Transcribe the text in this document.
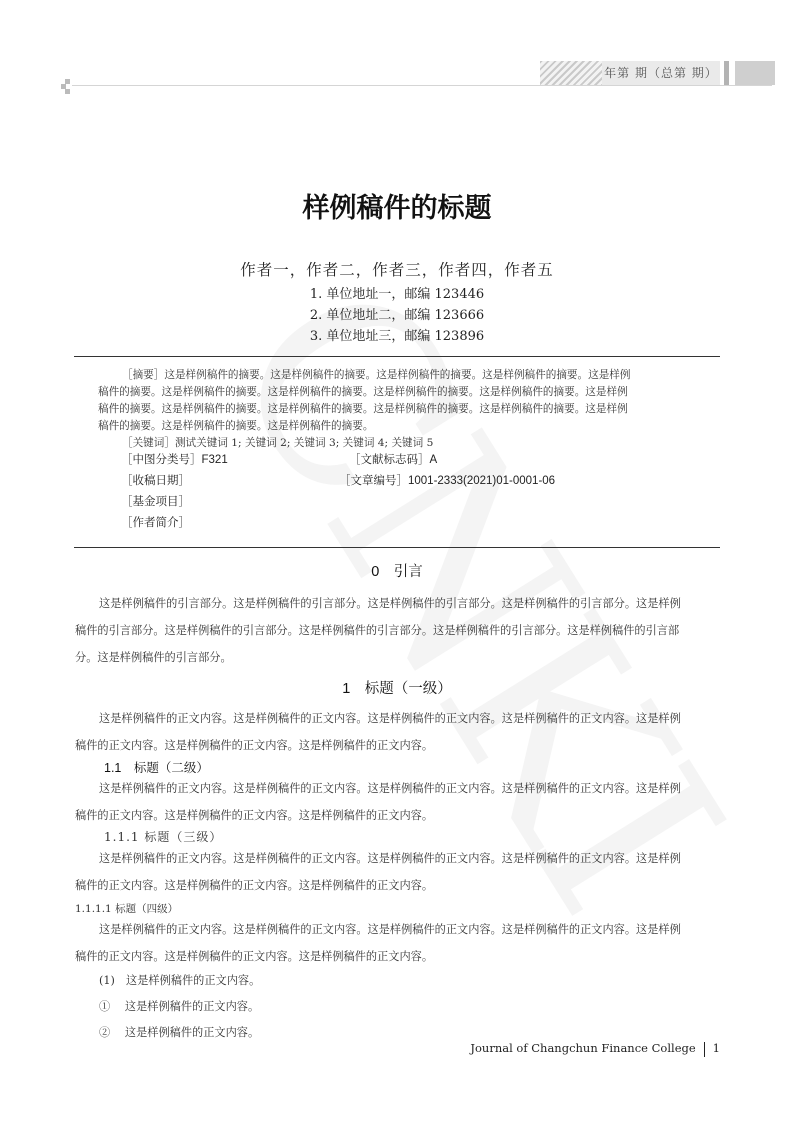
年第 期（总第 期）
样例稿件的标题
作者一，作者二，作者三，作者四，作者五
1. 单位地址一，邮编 123446
2. 单位地址二，邮编 123666
3. 单位地址三，邮编 123896
［摘要］这是样例稿件的摘要。这是样例稿件的摘要。这是样例稿件的摘要。这是样例稿件的摘要。这是样例
稿件的摘要。这是样例稿件的摘要。这是样例稿件的摘要。这是样例稿件的摘要。这是样例稿件的摘要。这是样例
稿件的摘要。这是样例稿件的摘要。这是样例稿件的摘要。这是样例稿件的摘要。这是样例稿件的摘要。这是样例
稿件的摘要。这是样例稿件的摘要。这是样例稿件的摘要。
［关键词］测试关键词 1; 关键词 2; 关键词 3; 关键词 4; 关键词 5
［中图分类号］F321	［文献标志码］A
［收稿日期］	［文章编号］1001-2333(2021)01-0001-06
［基金项目］
［作者简介］
0　引言
这是样例稿件的引言部分。这是样例稿件的引言部分。这是样例稿件的引言部分。这是样例稿件的引言部分。这是样例
稿件的引言部分。这是样例稿件的引言部分。这是样例稿件的引言部分。这是样例稿件的引言部分。这是样例稿件的引言部
分。这是样例稿件的引言部分。
1　标题（一级）
这是样例稿件的正文内容。这是样例稿件的正文内容。这是样例稿件的正文内容。这是样例稿件的正文内容。这是样例
稿件的正文内容。这是样例稿件的正文内容。这是样例稿件的正文内容。
1.1　标题（二级）
这是样例稿件的正文内容。这是样例稿件的正文内容。这是样例稿件的正文内容。这是样例稿件的正文内容。这是样例
稿件的正文内容。这是样例稿件的正文内容。这是样例稿件的正文内容。
1.1.1 标题（三级）
这是样例稿件的正文内容。这是样例稿件的正文内容。这是样例稿件的正文内容。这是样例稿件的正文内容。这是样例
稿件的正文内容。这是样例稿件的正文内容。这是样例稿件的正文内容。
1.1.1.1 标题（四级）
这是样例稿件的正文内容。这是样例稿件的正文内容。这是样例稿件的正文内容。这是样例稿件的正文内容。这是样例
稿件的正文内容。这是样例稿件的正文内容。这是样例稿件的正文内容。
(1)　这是样例稿件的正文内容。
①　 这是样例稿件的正文内容。
②　 这是样例稿件的正文内容。
Journal of Changchun Finance College 1
